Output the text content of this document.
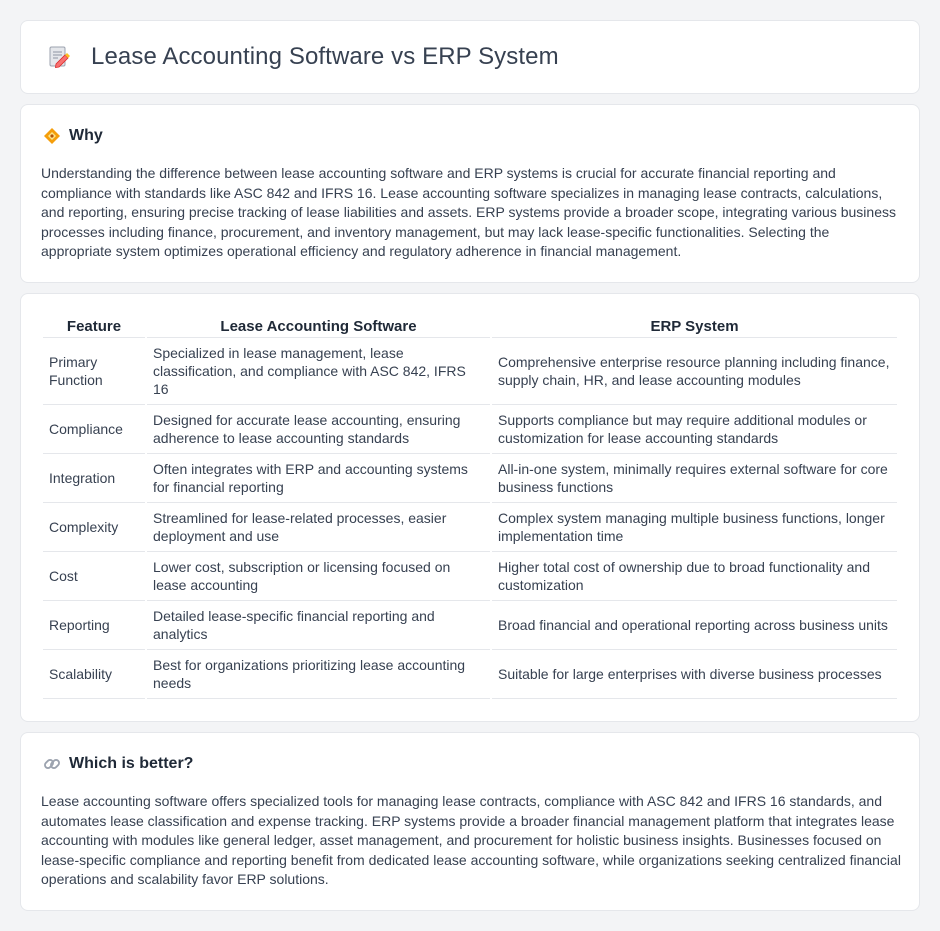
Lease Accounting Software vs ERP System
Why

Understanding the difference between lease accounting software and ERP systems is crucial for accurate financial reporting and compliance with standards like ASC 842 and IFRS 16. Lease accounting software specializes in managing lease contracts, calculations, and reporting, ensuring precise tracking of lease liabilities and assets. ERP systems provide a broader scope, integrating various business processes including finance, procurement, and inventory management, but may lack lease-specific functionalities. Selecting the appropriate system optimizes operational efficiency and regulatory adherence in financial management.

Feature	Lease Accounting Software	ERP System
Primary Function	Specialized in lease management, lease classification, and compliance with ASC 842, IFRS 16	Comprehensive enterprise resource planning including finance, supply chain, HR, and lease accounting modules
Compliance	Designed for accurate lease accounting, ensuring adherence to lease accounting standards	Supports compliance but may require additional modules or customization for lease accounting standards
Integration	Often integrates with ERP and accounting systems for financial reporting	All-in-one system, minimally requires external software for core business functions
Complexity	Streamlined for lease-related processes, easier deployment and use	Complex system managing multiple business functions, longer implementation time
Cost	Lower cost, subscription or licensing focused on lease accounting	Higher total cost of ownership due to broad functionality and customization
Reporting	Detailed lease-specific financial reporting and analytics	Broad financial and operational reporting across business units
Scalability	Best for organizations prioritizing lease accounting needs	Suitable for large enterprises with diverse business processes
Which is better?

Lease accounting software offers specialized tools for managing lease contracts, compliance with ASC 842 and IFRS 16 standards, and automates lease classification and expense tracking. ERP systems provide a broader financial management platform that integrates lease accounting with modules like general ledger, asset management, and procurement for holistic business insights. Businesses focused on lease-specific compliance and reporting benefit from dedicated lease accounting software, while organizations seeking centralized financial operations and scalability favor ERP solutions.
